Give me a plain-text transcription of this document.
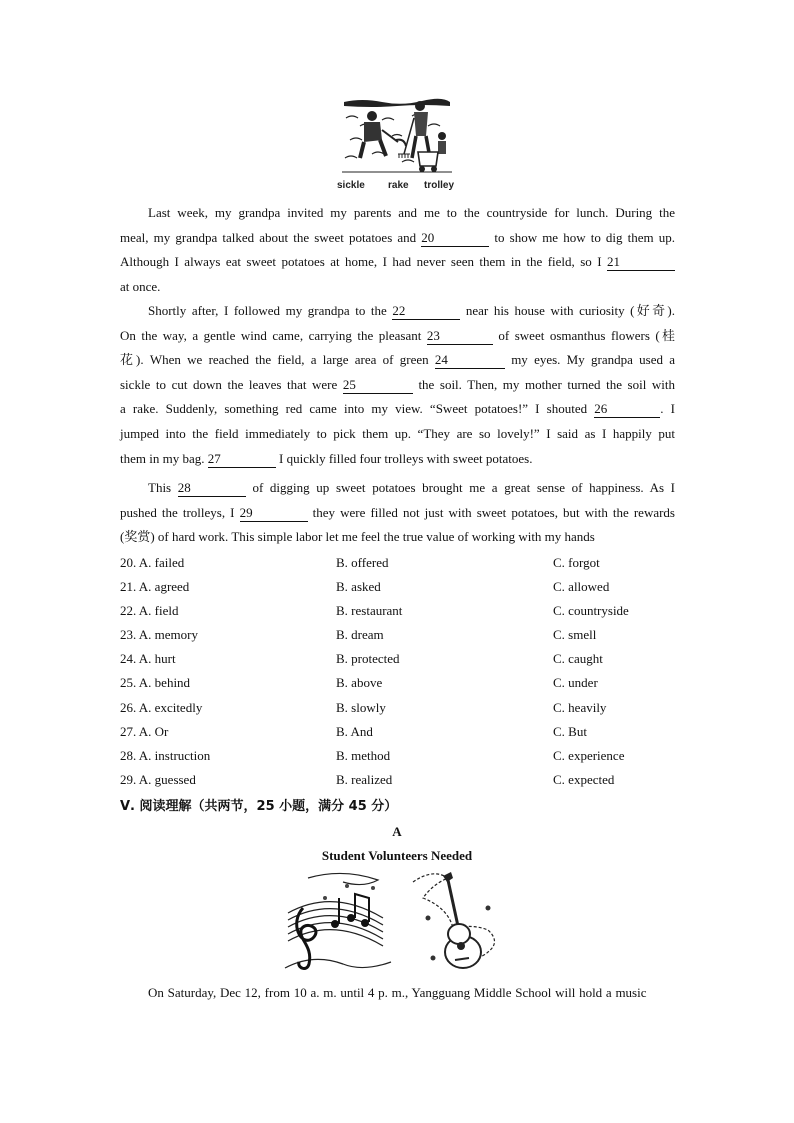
sickle rake trolley
Last week, my grandpa invited my parents and me to the countryside for lunch. During the
meal, my grandpa talked about the sweet potatoes and 20	to show me how to dig them up.
Although I always eat sweet potatoes at home, I had never seen them in the field, so I 21
at once.
Shortly after, I followed my grandpa to the 22	near his house with curiosity (好奇).
On the way, a gentle wind came, carrying the pleasant 23	of sweet osmanthus flowers (桂
花). When we reached the field, a large area of green 24	my eyes. My grandpa used a
sickle to cut down the leaves that were 25	the soil. Then, my mother turned the soil with
a rake. Suddenly, something red came into my view. “Sweet potatoes!” I shouted 26	. I
jumped into the field immediately to pick them up. “They are so lovely!” I said as I happily put
them in my bag. 27	I quickly filled four trolleys with sweet potatoes.
This 28	of digging up sweet potatoes brought me a great sense of happiness. As I
pushed the trolleys, I 29	they were filled not just with sweet potatoes, but with the rewards
(奖赏) of hard work. This simple labor let me feel the true value of working with my hands
20. A. failed	B. offered	C. forgot
21. A. agreed	B. asked	C. allowed
22. A. field	B. restaurant	C. countryside
23. A. memory	B. dream	C. smell
24. A. hurt	B. protected	C. caught
25. A. behind	B. above	C. under
26. A. excitedly	B. slowly	C. heavily
27. A. Or	B. And	C. But
28. A. instruction	B. method	C. experience
29. A. guessed	B. realized	C. expected
Ⅴ. 阅读理解（共两节，25 小题，满分 45 分）
A
Student Volunteers Needed
On Saturday, Dec 12, from 10 a. m. until 4 p. m., Yangguang Middle School will hold a music
